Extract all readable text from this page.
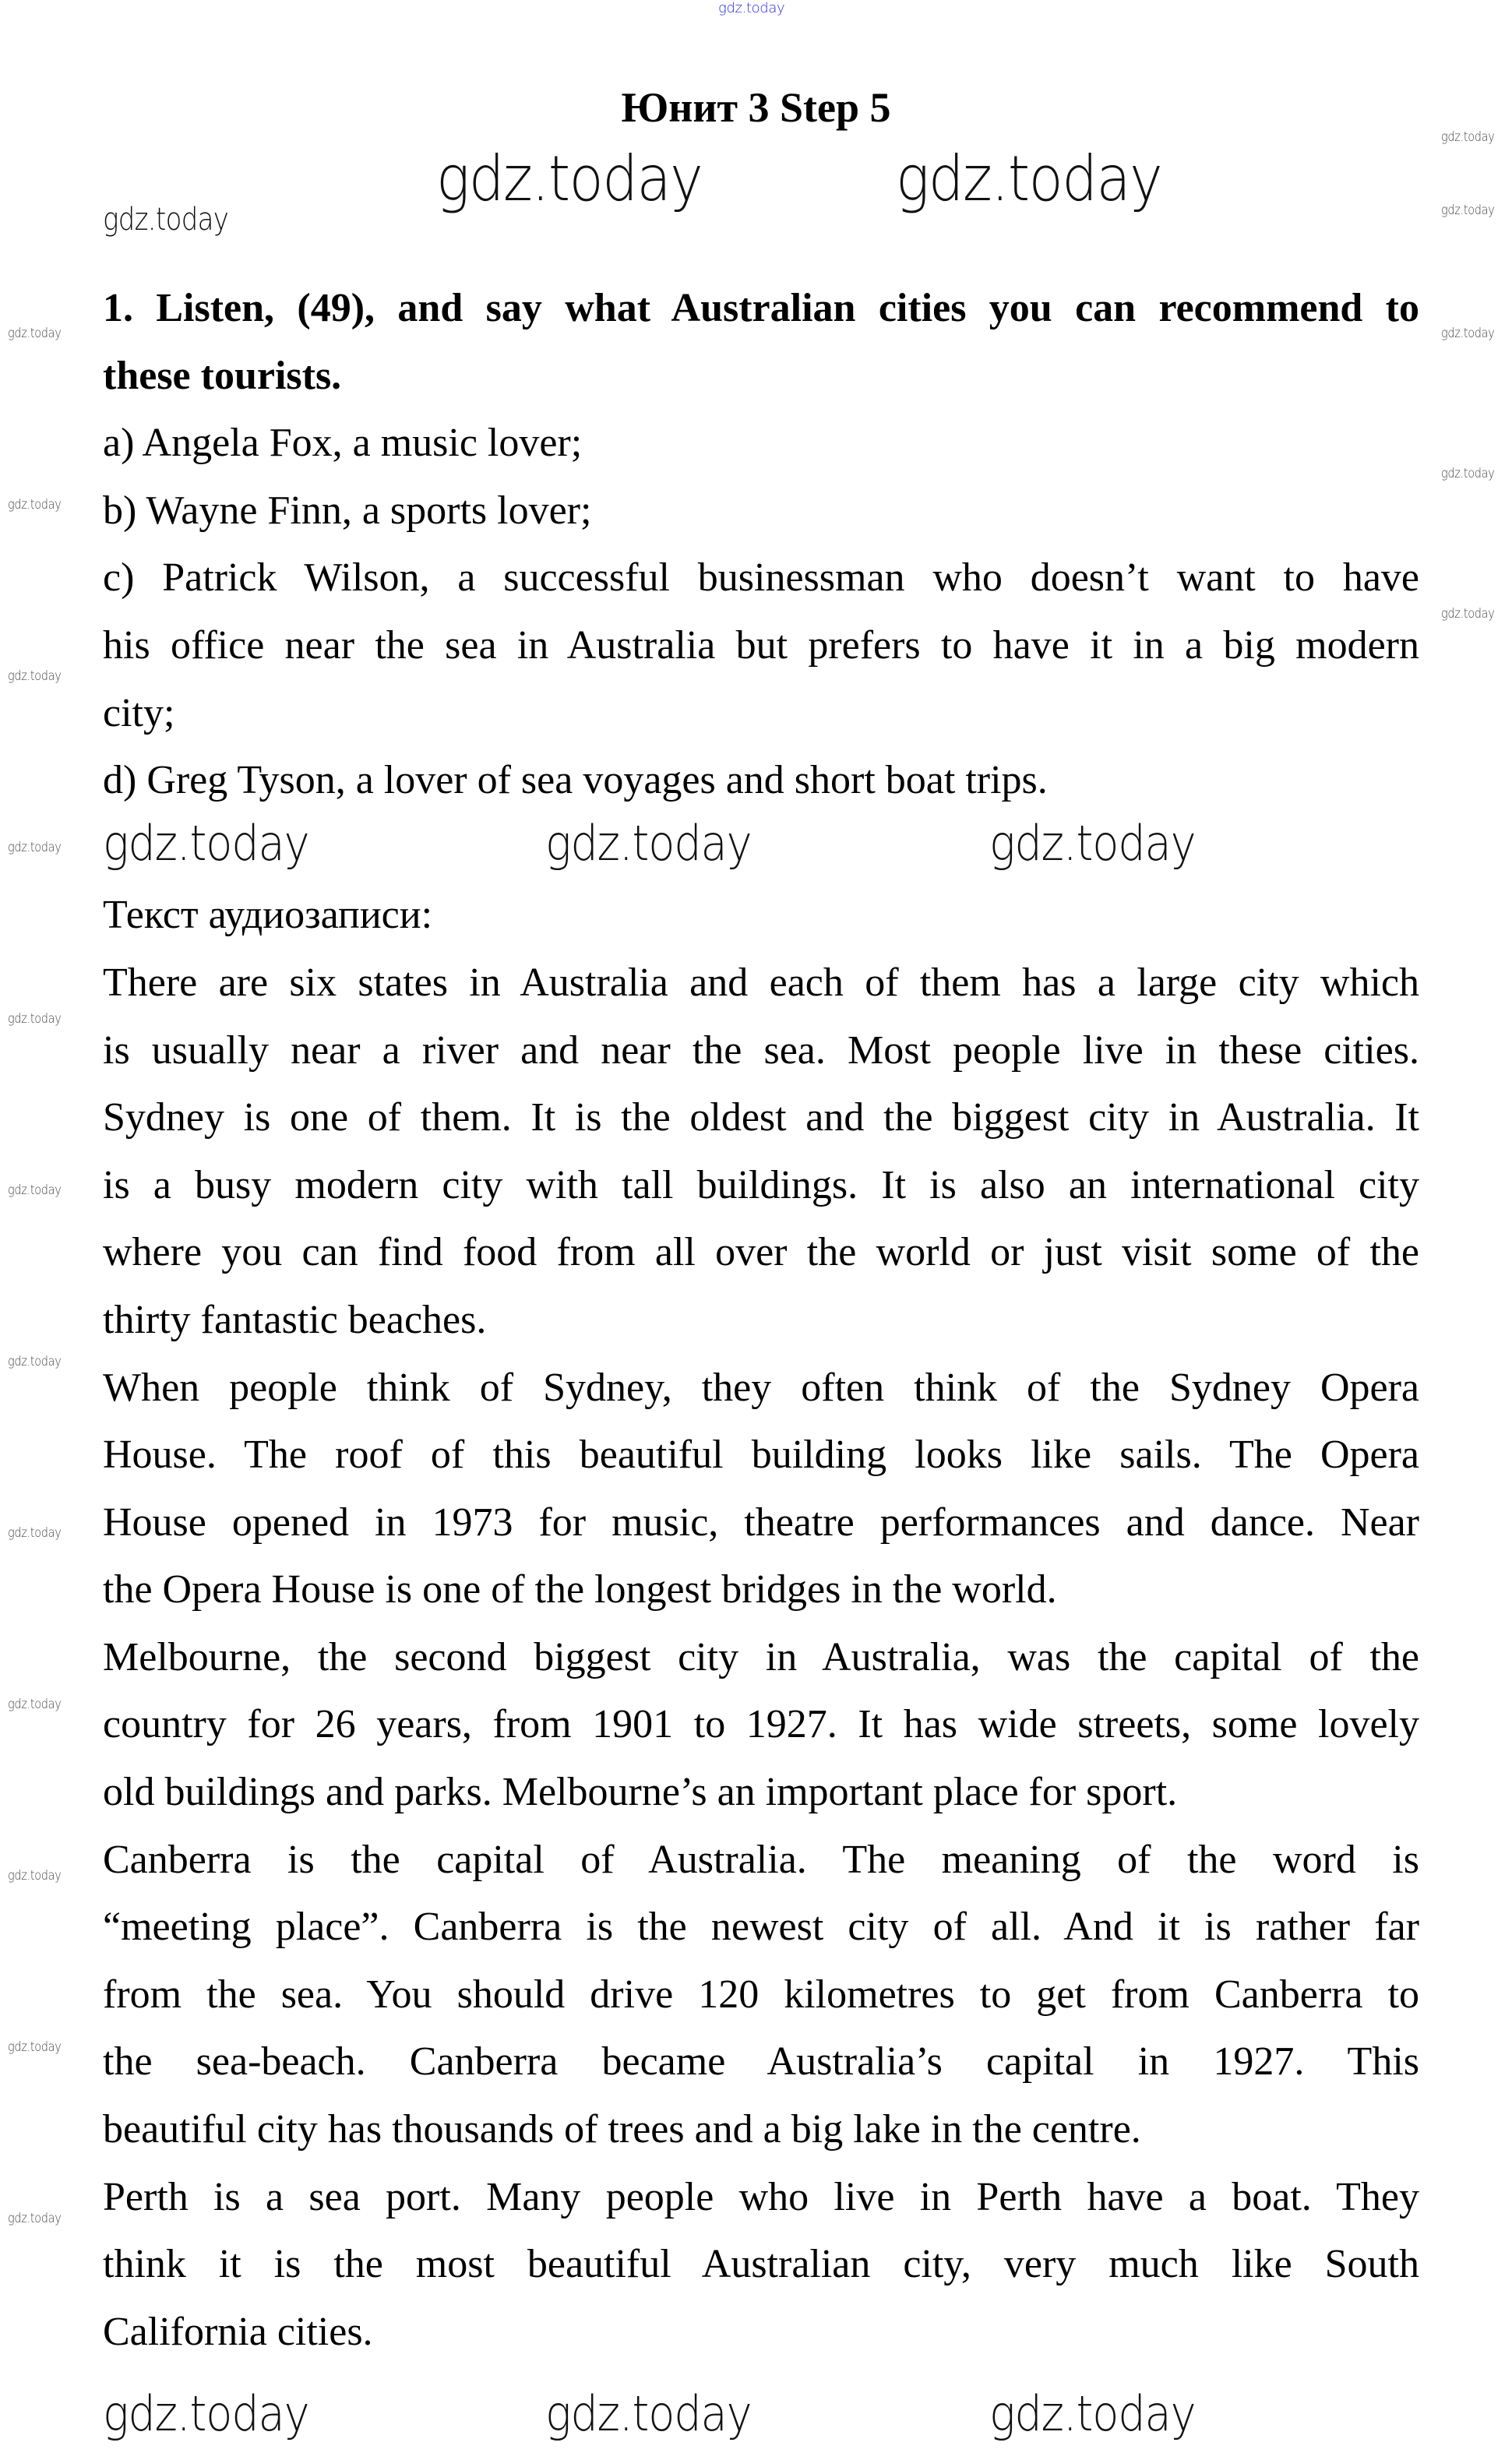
Юнит 3 Step 5
1. Listen, (49), and say what Australian cities you can recommend to
these tourists.
a) Angela Fox, a music lover;
b) Wayne Finn, a sports lover;
c) Patrick Wilson, a successful businessman who doesn’t want to have
his office near the sea in Australia but prefers to have it in a big modern
city;
d) Greg Tyson, a lover of sea voyages and short boat trips.
Текст аудиозаписи:
There are six states in Australia and each of them has a large city which
is usually near a river and near the sea. Most people live in these cities.
Sydney is one of them. It is the oldest and the biggest city in Australia. It
is a busy modern city with tall buildings. It is also an international city
where you can find food from all over the world or just visit some of the
thirty fantastic beaches.
When people think of Sydney, they often think of the Sydney Opera
House. The roof of this beautiful building looks like sails. The Opera
House opened in 1973 for music, theatre performances and dance. Near
the Opera House is one of the longest bridges in the world.
Melbourne, the second biggest city in Australia, was the capital of the
country for 26 years, from 1901 to 1927. It has wide streets, some lovely
old buildings and parks. Melbourne’s an important place for sport.
Canberra is the capital of Australia. The meaning of the word is
“meeting place”. Canberra is the newest city of all. And it is rather far
from the sea. You should drive 120 kilometres to get from Canberra to
the sea-beach. Canberra became Australia’s capital in 1927. This
beautiful city has thousands of trees and a big lake in the centre.
Perth is a sea port. Many people who live in Perth have a boat. They
think it is the most beautiful Australian city, very much like South
California cities.
gdz.today
gdz.today
gdz.today
gdz.today
gdz.today
gdz.today
gdz.today
gdz.today	gdz.today
gdz.today	gdz.today	gdz.today
gdz.today	gdz.today	gdz.today
gdz.today
gdz.today
gdz.today
gdz.today
gdz.today
gdz.today
gdz.today
gdz.today
gdz.today
gdz.today
gdz.today
gdz.today
